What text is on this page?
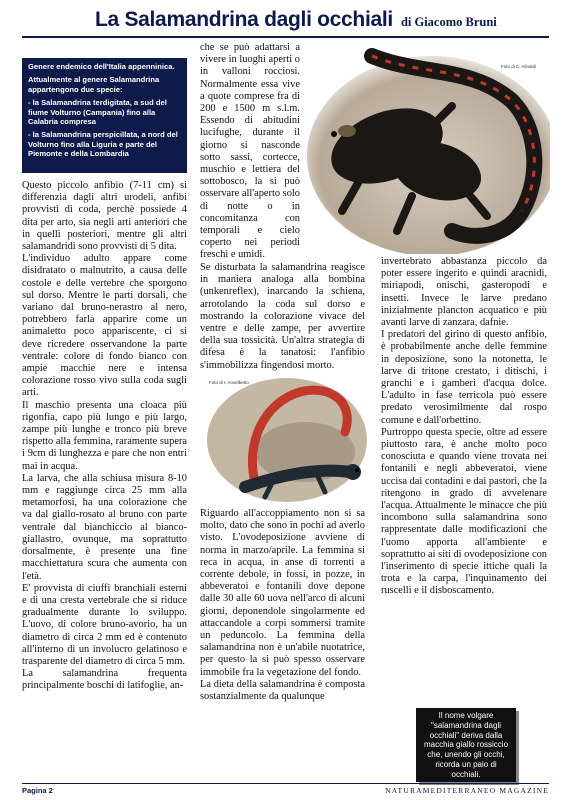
La Salamandrina dagli occhiali di Giacomo Bruni

Genere endemico dell'Italia appenninica.

Attualmente al genere Salamandrina appartengono due specie:

- la Salamandrina terdigitata, a sud del fiume Volturno (Campania) fino alla Calabria compresa

- la Salamandrina perspicillata, a nord del Volturno fino alla Liguria e parte del Piemonte e della Lombardia

Questo piccolo anfibio (7-11 cm) si differenzia dagli altri urodeli, anfibi provvisti di coda, perchè possiede 4 dita per arto, sia negli arti anteriori che in quelli posteriori, mentre gli altri salamandridi sono provvisti di 5 dita.

L'individuo adulto appare come disidratato o malnutrito, a causa delle costole e delle vertebre che sporgono sul dorso. Mentre le parti dorsali, che variano dal bruno-nerastro al nero, potrebbero farla apparire come un animaletto poco appariscente, ci si deve ricredere osservandone la parte ventrale: colore di fondo bianco con ampie macchie nere e intensa colorazione rosso vivo sulla coda sugli arti.

Il maschio presenta una cloaca più rigonfia, capo più lungo e più largo, zampe più lunghe e tronco più breve rispetto alla femmina, raramente supera i 9cm di lunghezza e pare che non entri mai in acqua.

La larva, che alla schiusa misura 8-10 mm e raggiunge circa 25 mm alla metamorfosi, ha una colorazione che va dal giallo-rosato al bruno con parte ventrale dal bianchiccio al bianco-giallastro, ovunque, ma soprattutto dorsalmente, è presente una fine macchiettatura scura che aumenta con l'età.

E' provvista di ciuffi branchiali esterni e di una cresta vertebrale che si riduce gradualmente durante lo sviluppo. L'uovo, di colore bruno-avorio, ha un diametro di circa 2 mm ed è contenuto all'interno di un involucro gelatinoso e trasparente del diametro di circa 5 mm.

La salamandrina frequenta principalmente boschi di latifoglie, an-

che se può adattarsi a vivere in luoghi aperti o in valloni rocciosi. Normalmente essa vive a quote comprese fra di 200 e 1500 m s.l.m. Essendo di abitudini lucifughe, durante il giorno si nasconde sotto sassi, cortecce, muschio e lettiera del sottobosco, la si può osservare all'aperto solo di notte o in concomitanza con temporali e cielo coperto nei periodi freschi e umidi.

Foto di C. Alinaldi

Se disturbata la salamandrina reagisce in maniera analoga alla bombina (unkenreflex), inarcando la schiena, arrotolando la coda sul dorso e mostrando la colorazione vivace del ventre e delle zampe, per avvertire della sua tossicità. Un'altra strategia di difesa è la tanatosi: l'anfibio s'immobilizza fingendosi morto.

Foto di I. Anselbetto

Riguardo all'accoppiamento non si sa molto, dato che sono in pochi ad averlo visto. L'ovodeposizione avviene di norma in marzo/aprile. La femmina si reca in acqua, in anse di torrenti a corrente debole, in fossi, in pozze, in abbeveratoi e fontanili dove depone dalle 30 alle 60 uova nell'arco di alcuni giorni, deponendole singolarmente ed attaccandole a corpi sommersi tramite un peduncolo. La femmina della salamandrina non è un'abile nuotatrice, per questo la si può spesso osservare immobile fra la vegetazione del fondo.

La dieta della salamandrina è composta sostanzialmente da qualunque

invertebrato abbastanza piccolo da poter essere ingerito e quindi aracnidi, miriapodi, onischi, gasteropodi e insetti. Invece le larve predano inizialmente plancton acquatico e più avanti larve di zanzara, dafnie.

I predatori del girino di questo anfibio, è probabilmente anche delle femmine in deposizione, sono la notonetta, le larve di tritone crestato, i ditischi, i granchi e i gamberi d'acqua dolce. L'adulto in fase terricola può essere predato verosimilmente dal rospo comune e dall'orbettino.

Purtroppo questa specie, oltre ad essere piuttosto rara, è anche molto poco conosciuta e quando viene trovata nei fontanili e negli abbeveratoi, viene uccisa dai contadini e dai pastori, che la ritengono in grado di avvelenare l'acqua. Attualmente le minacce che più incombono sulla salamandrina sono rappresentate dalle modificazioni che l'uomo apporta all'ambiente e soprattutto ai siti di ovodeposizione con l'inserimento di specie ittiche quali la trota e la carpa, l'inquinamento dei ruscelli e il disboscamento.

Il nome volgare "salamandrina dagli occhiali" deriva dalla macchia giallo rossiccio che, unendo gli occhi, ricorda un paio di occhiali.
Pagina 2	NATURAMEDITERRANEO MAGAZINE
